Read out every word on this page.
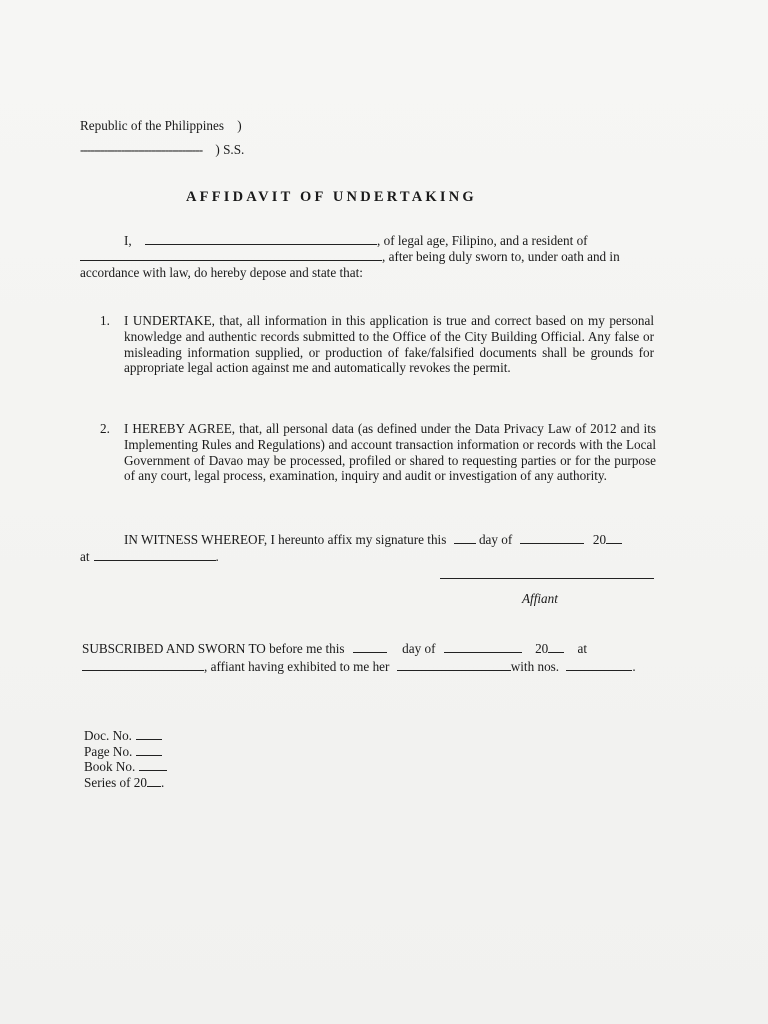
Republic of the Philippines )
------------------------------------ ) S.S.
AFFIDAVIT OF UNDERTAKING
I,	, of legal age, Filipino, and a resident of
, after being duly sworn to, under oath and in
accordance with law, do hereby depose and state that:
1. I UNDERTAKE, that, all information in this application is true and correct based on my personal knowledge and authentic records submitted to the Office of the City Building Official. Any false or misleading information supplied, or production of fake/falsified documents shall be grounds for appropriate legal action against me and automatically revokes the permit.
2. I HEREBY AGREE, that, all personal data (as defined under the Data Privacy Law of 2012 and its Implementing Rules and Regulations) and account transaction information or records with the Local Government of Davao may be processed, profiled or shared to requesting parties or for the purpose of any court, legal process, examination, inquiry and audit or investigation of any authority.
IN WITNESS WHEREOF, I hereunto affix my signature this day of	20
at	.
Affiant
SUBSCRIBED AND SWORN TO before me this	day of	20 at
, affiant having exhibited to me her	with nos.	.
Doc. No.
Page No.
Book No.
Series of 20 .
